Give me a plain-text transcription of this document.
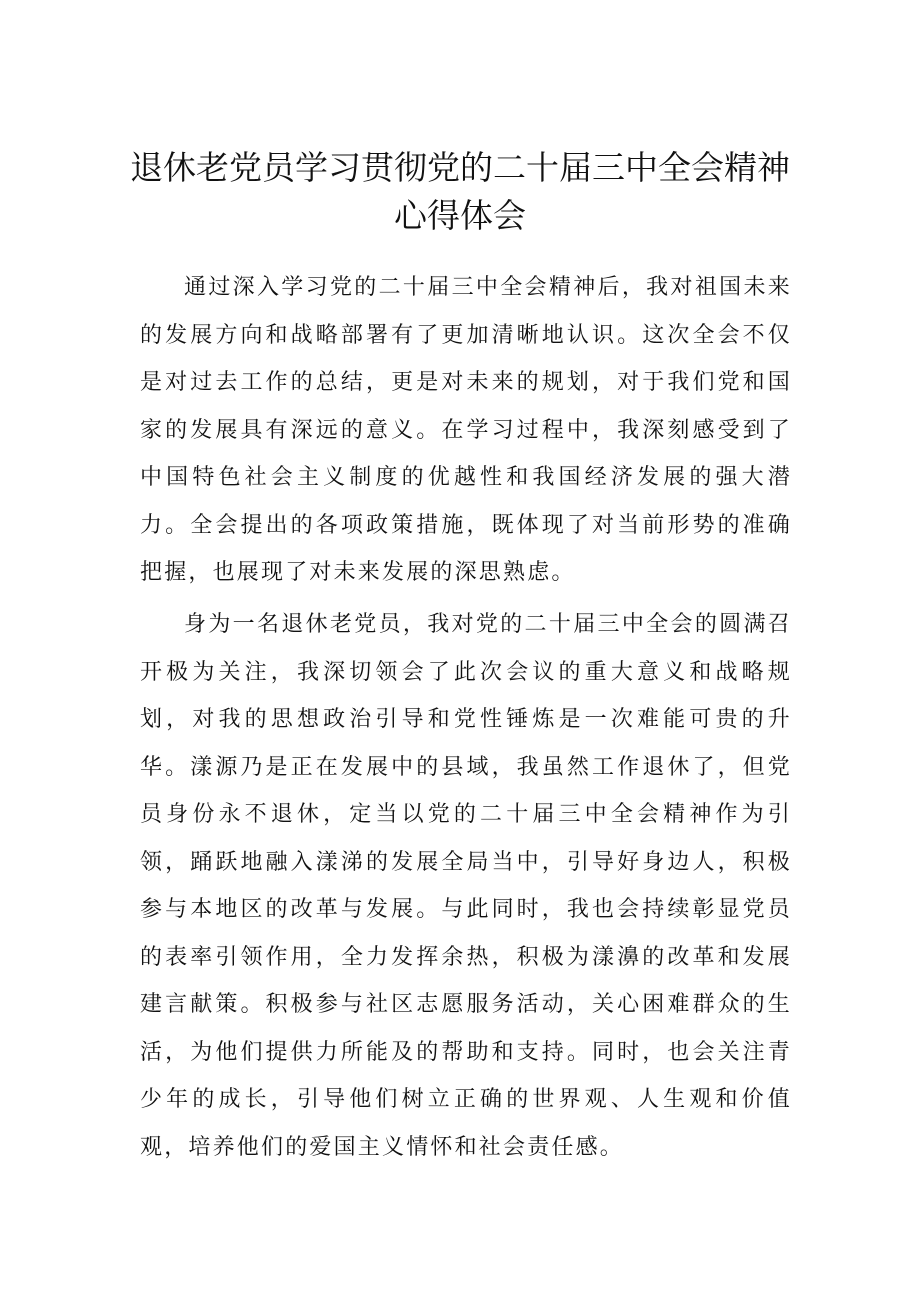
退休老党员学习贯彻党的二十届三中全会精神
心得体会

通过深入学习党的二十届三中全会精神后，我对祖国未来的发展方向和战略部署有了更加清晰地认识。这次全会不仅是对过去工作的总结，更是对未来的规划，对于我们党和国家的发展具有深远的意义。在学习过程中，我深刻感受到了中国特色社会主义制度的优越性和我国经济发展的强大潜力。全会提出的各项政策措施，既体现了对当前形势的准确把握，也展现了对未来发展的深思熟虑。

身为一名退休老党员，我对党的二十届三中全会的圆满召开极为关注，我深切领会了此次会议的重大意义和战略规划，对我的思想政治引导和党性锤炼是一次难能可贵的升华。漾源乃是正在发展中的县域，我虽然工作退休了，但党员身份永不退休，定当以党的二十届三中全会精神作为引领，踊跃地融入漾涕的发展全局当中，引导好身边人，积极参与本地区的改革与发展。与此同时，我也会持续彰显党员的表率引领作用，全力发挥余热，积极为漾濞的改革和发展建言献策。积极参与社区志愿服务活动，关心困难群众的生活，为他们提供力所能及的帮助和支持。同时，也会关注青少年的成长，引导他们树立正确的世界观、人生观和价值观，培养他们的爱国主义情怀和社会责任感。
